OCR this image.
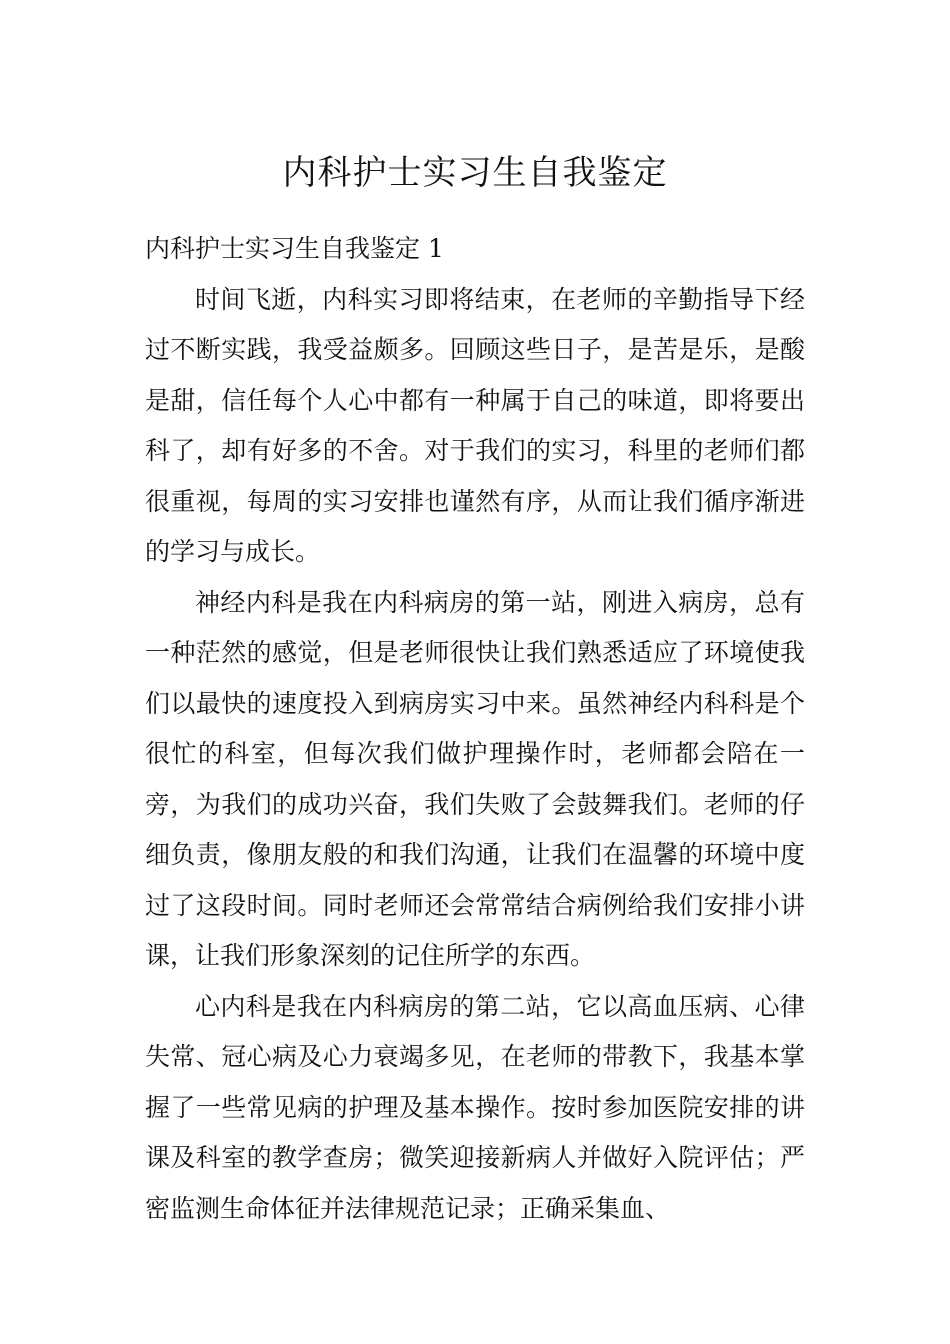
内科护士实习生自我鉴定

内科护士实习生自我鉴定 1

时间飞逝，内科实习即将结束，在老师的辛勤指导下经过不断实践，我受益颇多。回顾这些日子，是苦是乐，是酸是甜，信任每个人心中都有一种属于自己的味道，即将要出科了，却有好多的不舍。对于我们的实习，科里的老师们都很重视，每周的实习安排也谨然有序，从而让我们循序渐进的学习与成长。

神经内科是我在内科病房的第一站，刚进入病房，总有一种茫然的感觉，但是老师很快让我们熟悉适应了环境使我们以最快的速度投入到病房实习中来。虽然神经内科科是个很忙的科室，但每次我们做护理操作时，老师都会陪在一旁，为我们的成功兴奋，我们失败了会鼓舞我们。老师的仔细负责，像朋友般的和我们沟通，让我们在温馨的环境中度过了这段时间。同时老师还会常常结合病例给我们安排小讲课，让我们形象深刻的记住所学的东西。

心内科是我在内科病房的第二站，它以高血压病、心律失常、冠心病及心力衰竭多见，在老师的带教下，我基本掌握了一些常见病的护理及基本操作。按时参加医院安排的讲课及科室的教学查房；微笑迎接新病人并做好入院评估；严密监测生命体征并法律规范记录；正确采集血、
